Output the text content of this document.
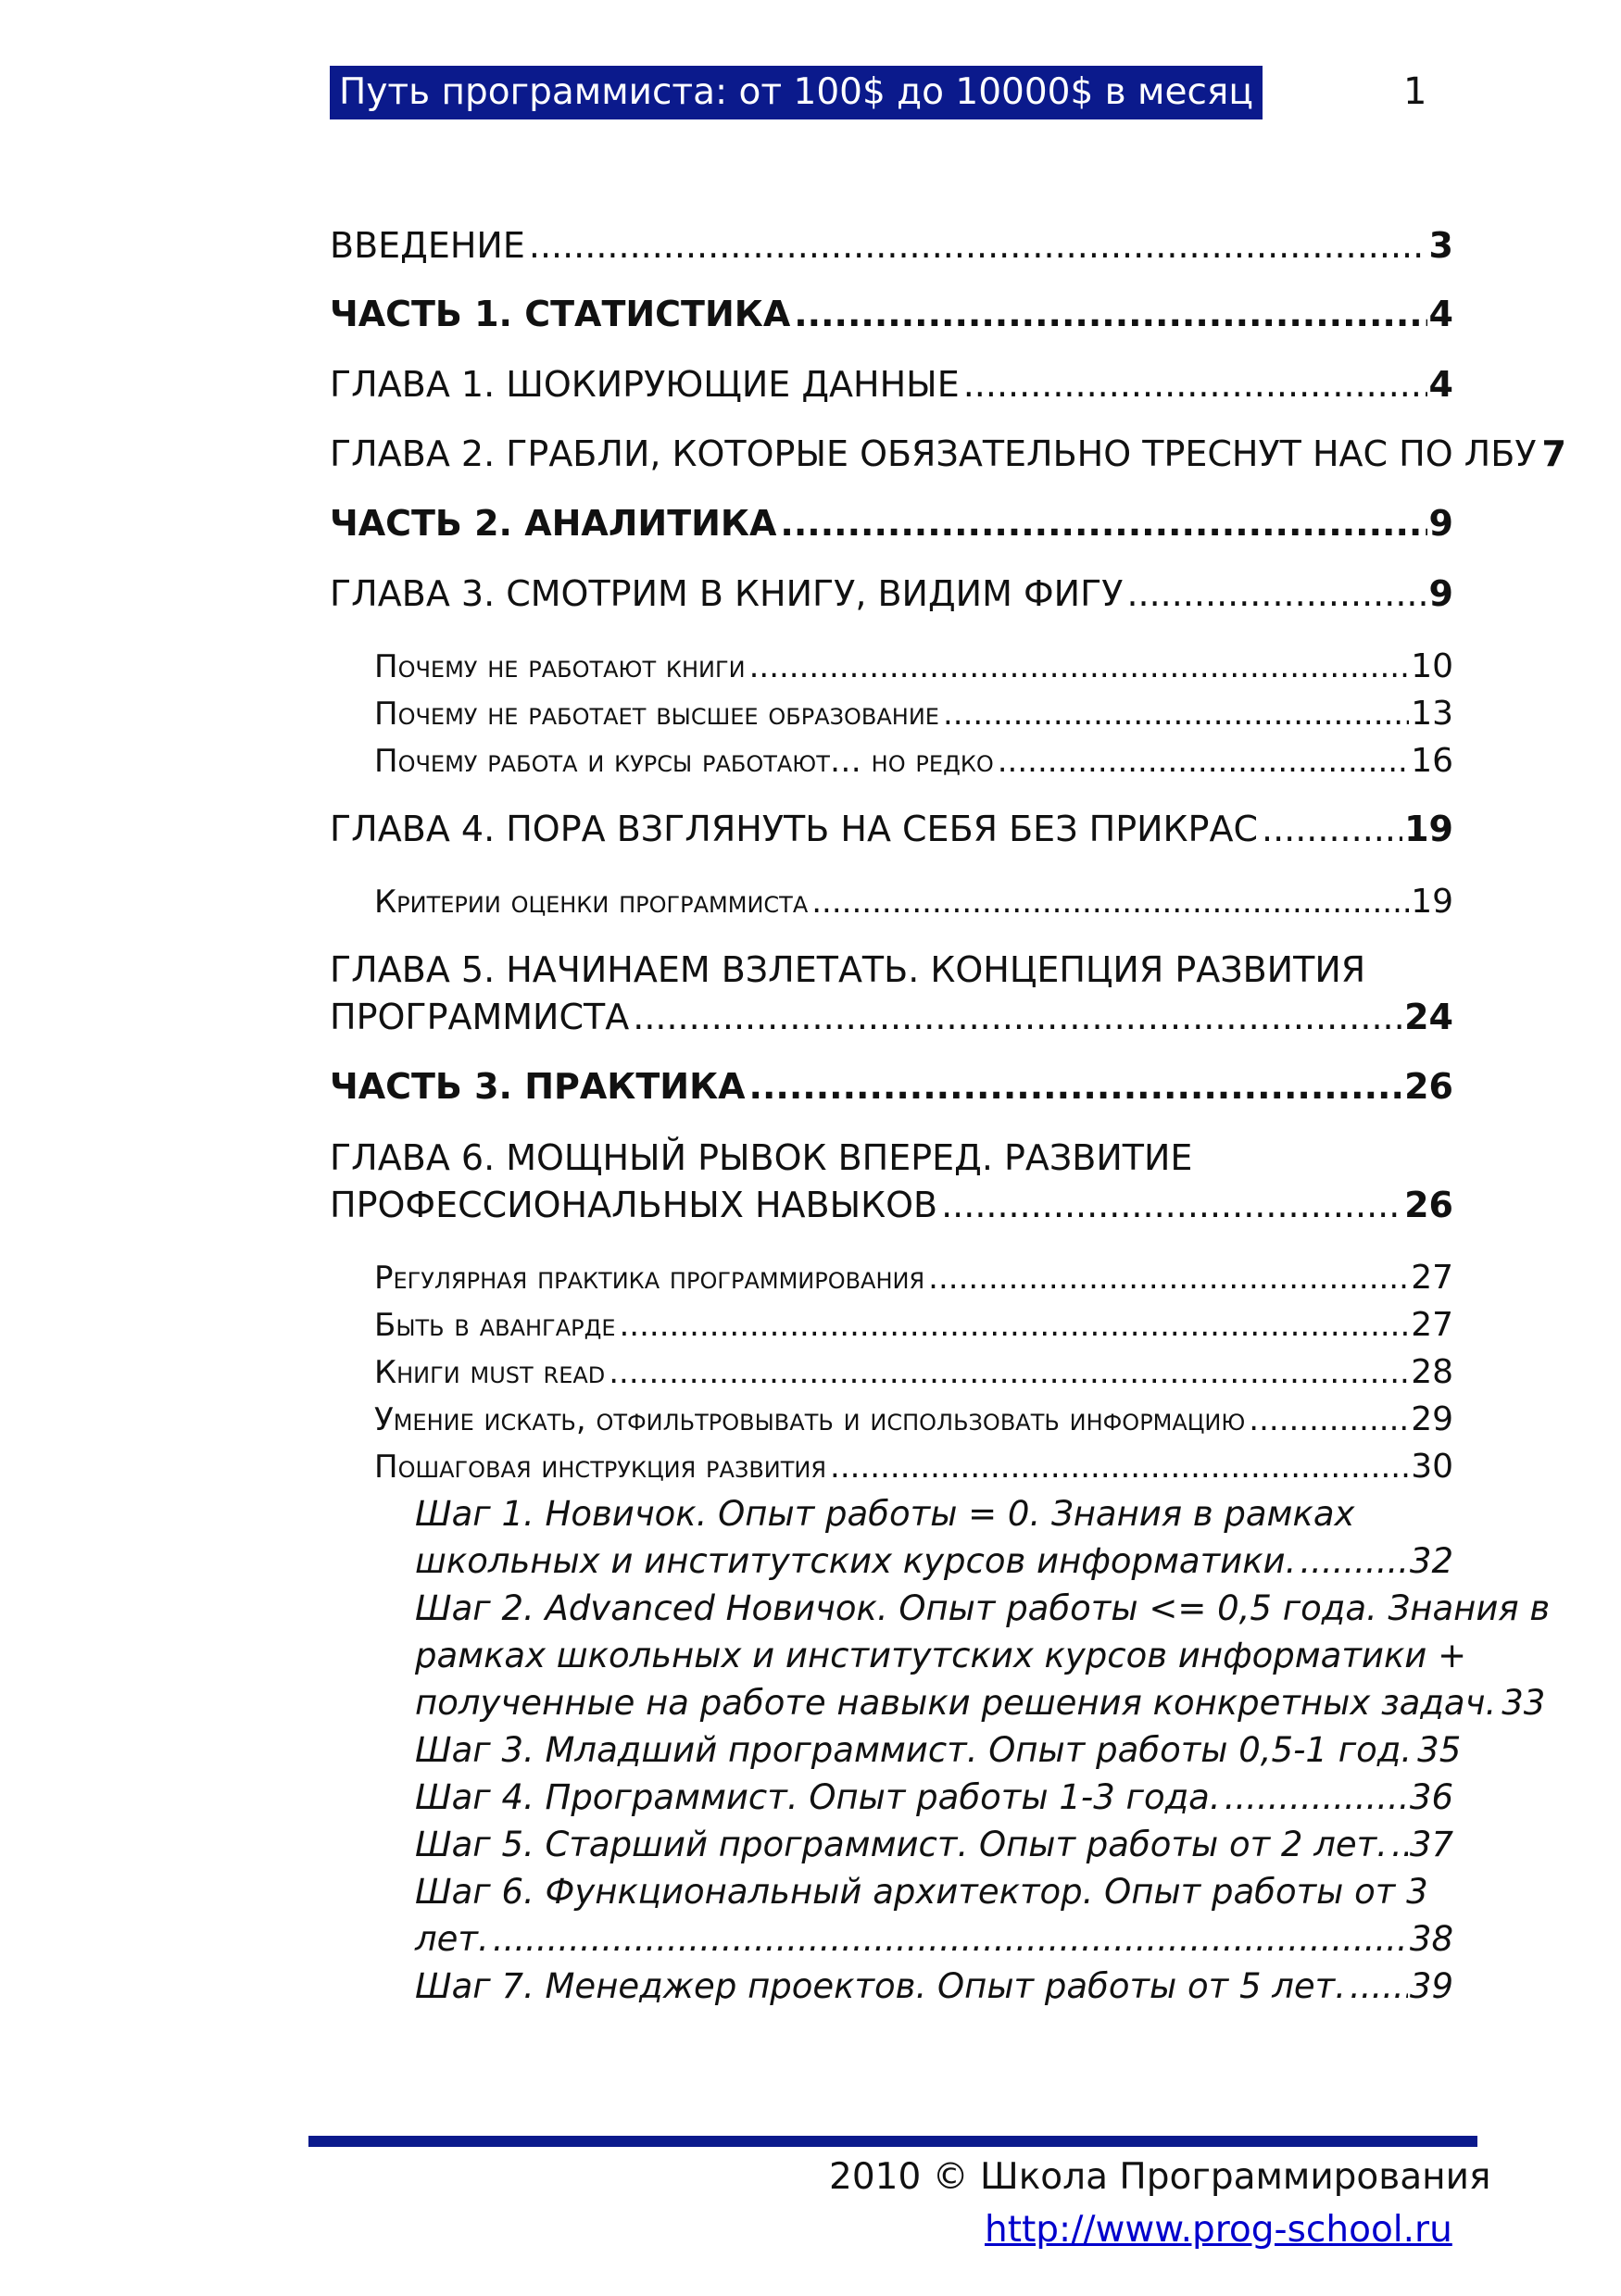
Путь программиста: от 100$ до 10000$ в месяц	1
ВВЕДЕНИЕ .....	3
ЧАСТЬ 1. СТАТИСТИКА .....	4
ГЛАВА 1. ШОКИРУЮЩИЕ ДАННЫЕ .....	4
ГЛАВА 2. ГРАБЛИ, КОТОРЫЕ ОБЯЗАТЕЛЬНО ТРЕСНУТ НАС ПО ЛБУ 7
ЧАСТЬ 2. АНАЛИТИКА .....	9
ГЛАВА 3. СМОТРИМ В КНИГУ, ВИДИМ ФИГУ .....	9
Почему не работают книги .....	10
Почему не работает высшее образование .....	13
Почему работа и курсы работают… но редко .....	16
ГЛАВА 4. ПОРА ВЗГЛЯНУТЬ НА СЕБЯ БЕЗ ПРИКРАС .....	19
Критерии оценки программиста .....	19
ГЛАВА 5. НАЧИНАЕМ ВЗЛЕТАТЬ. КОНЦЕПЦИЯ РАЗВИТИЯ
ПРОГРАММИСТА .....	24
ЧАСТЬ 3. ПРАКТИКА .....	26
ГЛАВА 6. МОЩНЫЙ РЫВОК ВПЕРЕД. РАЗВИТИЕ
ПРОФЕССИОНАЛЬНЫХ НАВЫКОВ .....	26
Регулярная практика программирования .....	27
Быть в авангарде .....	27
Книги must read .....	28
Умение искать, отфильтровывать и использовать информацию .....	29
Пошаговая инструкция развития .....	30
Шаг 1. Новичок. Опыт работы = 0. Знания в рамках
школьных и институтских курсов информатики. .....	32
Шаг 2. Advanced Новичок. Опыт работы <= 0,5 года. Знания в
рамках школьных и институтских курсов информатики +
полученные на работе навыки решения конкретных задач. 33
Шаг 3. Младший программист. Опыт работы 0,5-1 год. 35
Шаг 4. Программист. Опыт работы 1-3 года. .....	36
Шаг 5. Старший программист. Опыт работы от 2 лет. ..... 37
Шаг 6. Функциональный архитектор. Опыт работы от 3
лет. .....	38
Шаг 7. Менеджер проектов. Опыт работы от 5 лет. ..... 39
2010 © Школа Программирования
http://www.prog-school.ru
